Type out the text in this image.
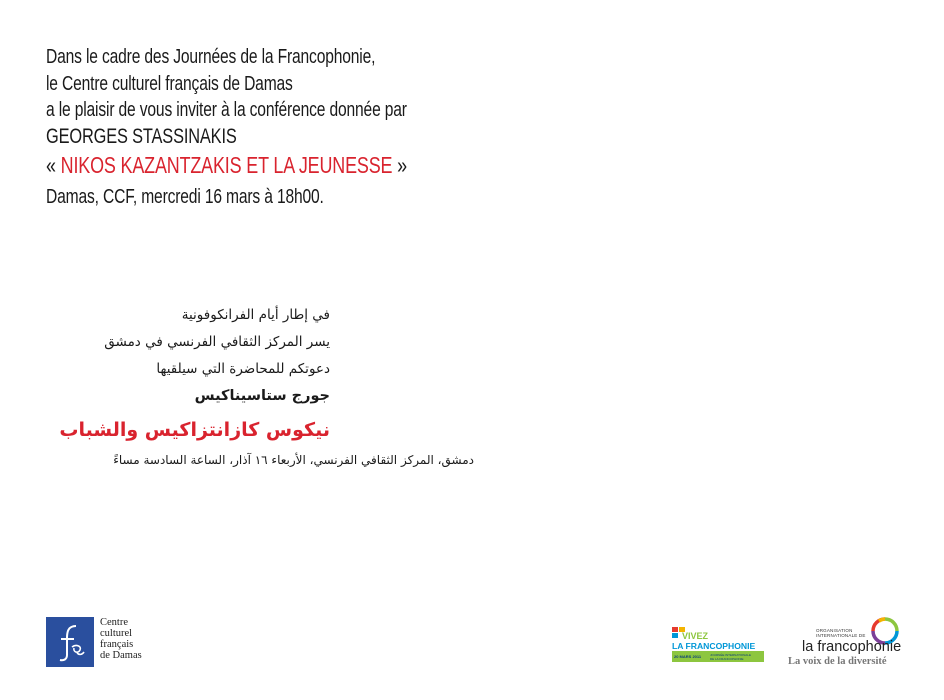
Dans le cadre des Journées de la Francophonie,
le Centre culturel français de Damas
a le plaisir de vous inviter à la conférence donnée par
GEORGES STASSINAKIS
« NIKOS KAZANTZAKIS ET LA JEUNESSE »
Damas, CCF, mercredi 16 mars à 18h00.
في إطار أيام الفرانكوفونية
يسر المركز الثقافي الفرنسي في دمشق
دعوتكم للمحاضرة التي سيلقيها
جورج ستاسيناكيس
نيكوس كازانتزاكيس والشباب
دمشق، المركز الثقافي الفرنسي، الأربعاء ١٦ آذار، الساعة السادسة مساءً
Centre
culturel
français
de Damas
VIVEZ
LA FRANCOPHONIE
20 MARS 2011	JOURNÉE INTERNATIONALE
DE LA FRANCOPHONIE
ORGANISATION
INTERNATIONALE DE
la francophonie
La voix de la diversité
